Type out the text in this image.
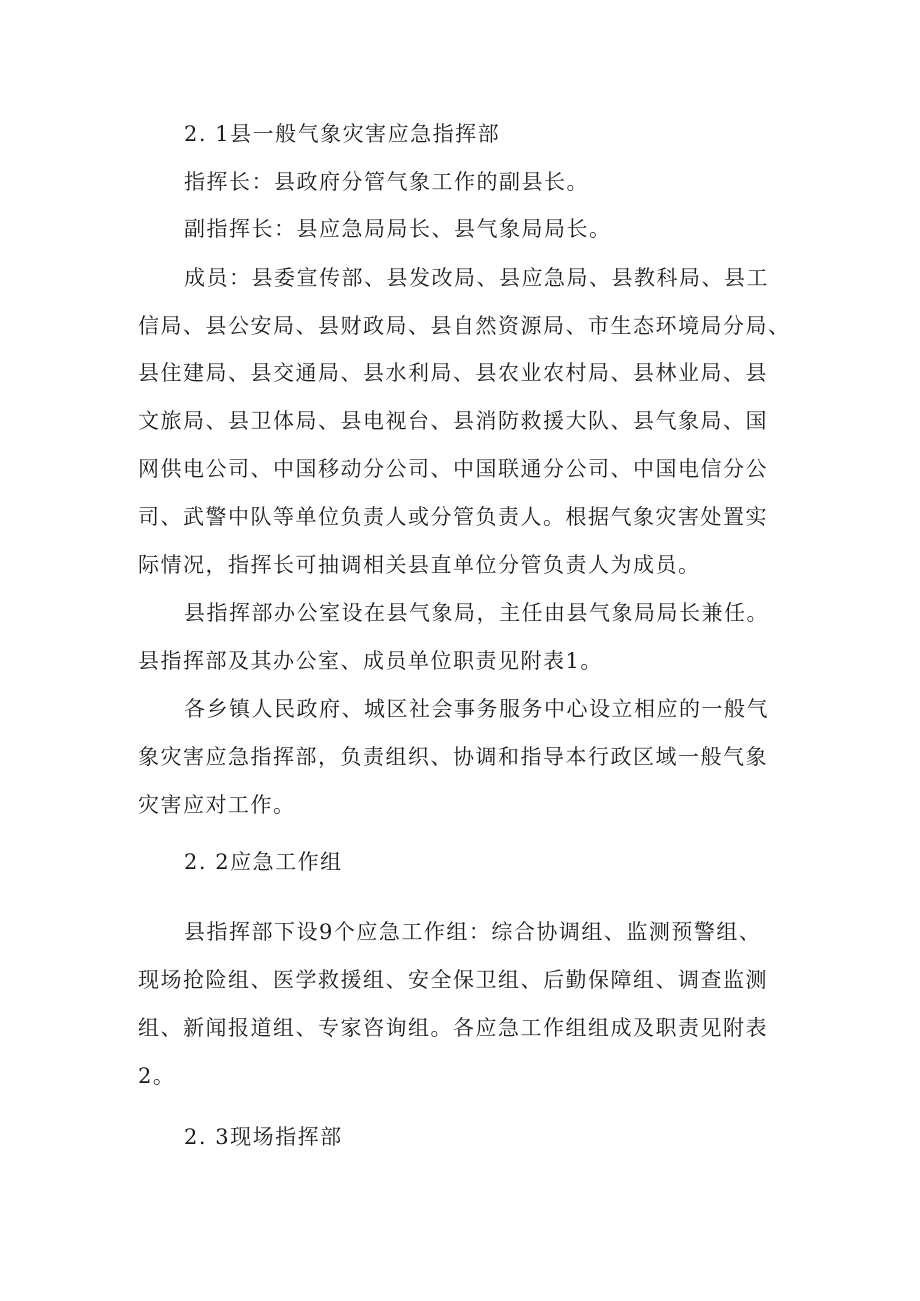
2. 1县一般气象灾害应急指挥部
指挥长：县政府分管气象工作的副县长。
副指挥长：县应急局局长、县气象局局长。
成员：县委宣传部、县发改局、县应急局、县教科局、县工
信局、县公安局、县财政局、县自然资源局、市生态环境局分局、
县住建局、县交通局、县水利局、县农业农村局、县林业局、县
文旅局、县卫体局、县电视台、县消防救援大队、县气象局、国
网供电公司、中国移动分公司、中国联通分公司、中国电信分公
司、武警中队等单位负责人或分管负责人。根据气象灾害处置实
际情况，指挥长可抽调相关县直单位分管负责人为成员。
县指挥部办公室设在县气象局，主任由县气象局局长兼任。
县指挥部及其办公室、成员单位职责见附表1。
各乡镇人民政府、城区社会事务服务中心设立相应的一般气
象灾害应急指挥部，负责组织、协调和指导本行政区域一般气象
灾害应对工作。
2. 2应急工作组
县指挥部下设9个应急工作组：综合协调组、监测预警组、
现场抢险组、医学救援组、安全保卫组、后勤保障组、调查监测
组、新闻报道组、专家咨询组。各应急工作组组成及职责见附表
2。
2. 3现场指挥部
